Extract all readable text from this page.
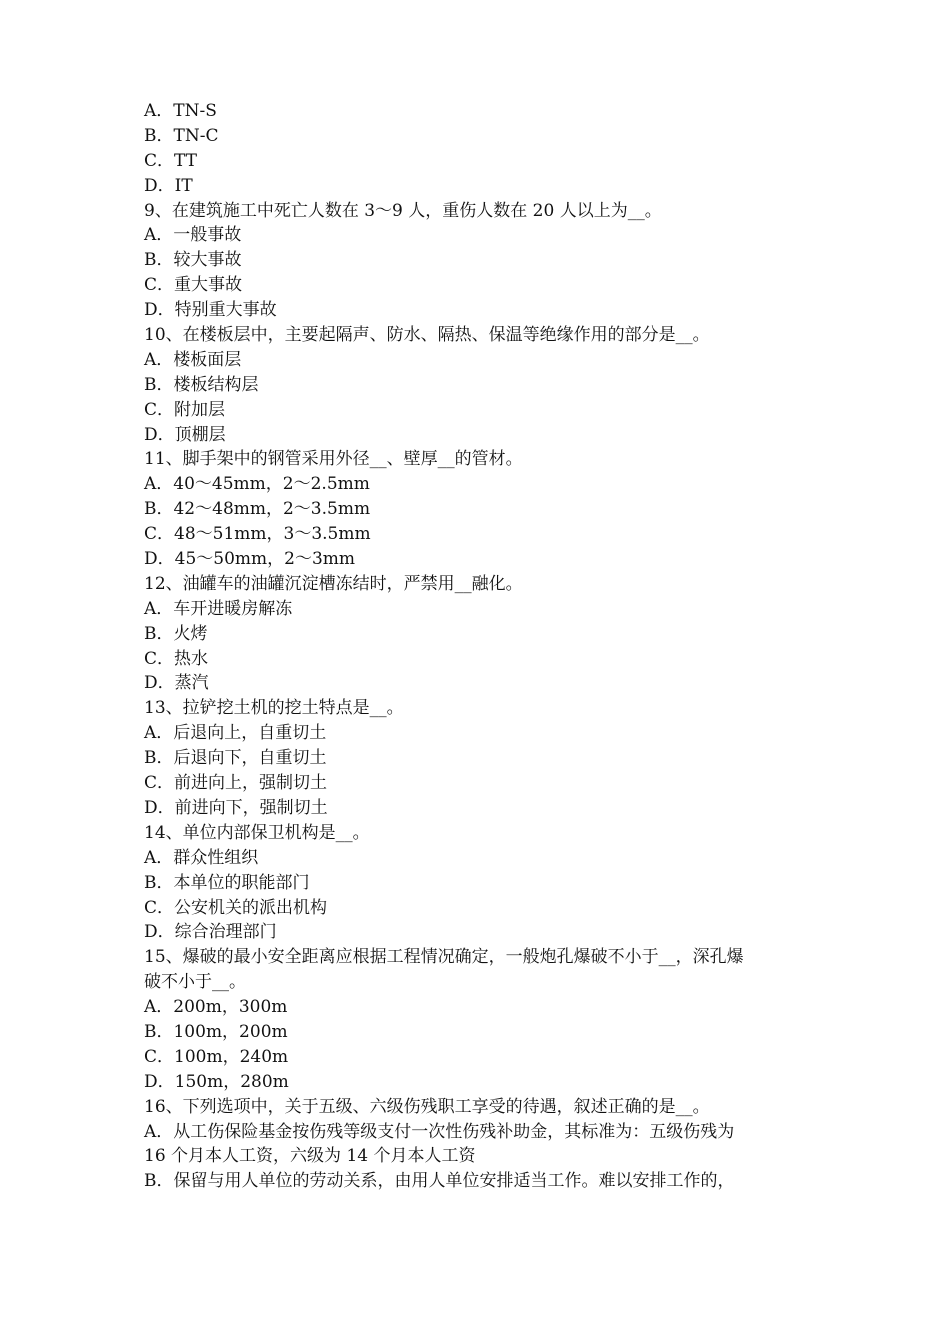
A．TN-S
B．TN-C
C．TT
D．IT
9、在建筑施工中死亡人数在 3～9 人，重伤人数在 20 人以上为__。
A．一般事故
B．较大事故
C．重大事故
D．特别重大事故
10、在楼板层中，主要起隔声、防水、隔热、保温等绝缘作用的部分是__。
A．楼板面层
B．楼板结构层
C．附加层
D．顶棚层
11、脚手架中的钢管采用外径__、壁厚__的管材。
A．40～45mm，2～2.5mm
B．42～48mm，2～3.5mm
C．48～51mm，3～3.5mm
D．45～50mm，2～3mm
12、油罐车的油罐沉淀槽冻结时，严禁用__融化。
A．车开进暖房解冻
B．火烤
C．热水
D．蒸汽
13、拉铲挖土机的挖土特点是__。
A．后退向上，自重切土
B．后退向下，自重切土
C．前进向上，强制切土
D．前进向下，强制切土
14、单位内部保卫机构是__。
A．群众性组织
B．本单位的职能部门
C．公安机关的派出机构
D．综合治理部门
15、爆破的最小安全距离应根据工程情况确定，一般炮孔爆破不小于__，深孔爆
破不小于__。
A．200m，300m
B．100m，200m
C．100m，240m
D．150m，280m
16、下列选项中，关于五级、六级伤残职工享受的待遇，叙述正确的是__。
A．从工伤保险基金按伤残等级支付一次性伤残补助金，其标准为：五级伤残为
16 个月本人工资，六级为 14 个月本人工资
B．保留与用人单位的劳动关系，由用人单位安排适当工作。难以安排工作的，
